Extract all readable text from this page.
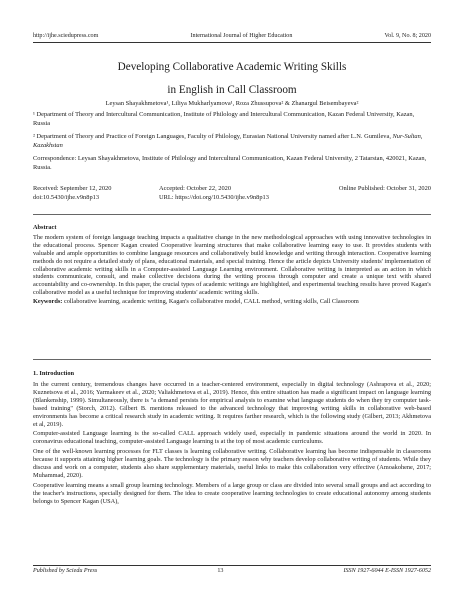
http://ijhe.sciedupress.com	International Journal of Higher Education	Vol. 9, No. 8; 2020
Developing Collaborative Academic Writing Skills
in English in Call Classroom
Leysan Shayakhmetova¹, Liliya Mukharlyamova¹, Roza Zhussupova² & Zhanargul Beisembayeva²
¹ Department of Theory and Intercultural Communication, Institute of Philology and Intercultural Communication, Kazan Federal University, Kazan, Russia
² Department of Theory and Practice of Foreign Languages, Faculty of Philology, Eurasian National University named after L.N. Gumileva, Nur-Sultan, Kazakhstan
Correspondence: Leysan Shayakhmetova, Institute of Philology and Intercultural Communication, Kazan Federal University, 2 Tatarstan, 420021, Kazan, Russia.
Received: September 12, 2020	Accepted: October 22, 2020	Online Published: October 31, 2020
doi:10.5430/ijhe.v9n8p13	URL: https://doi.org/10.5430/ijhe.v9n8p13
Abstract
The modern system of foreign language teaching impacts a qualitative change in the new methodological approaches with using innovative technologies in the educational process. Spencer Kagan created Cooperative learning structures that make collaborative learning easy to use. It provides students with valuable and ample opportunities to combine language resources and collaboratively build knowledge and writing through interaction. Cooperative learning methods do not require a detailed study of plans, educational materials, and special training. Hence the article depicts University students' implementation of collaborative academic writing skills in a Computer-assisted Language Learning environment. Collaborative writing is interpreted as an action in which students communicate, consult, and make collective decisions during the writing process through computer and create a unique text with shared accountability and co-ownership. In this paper, the crucial types of academic writings are highlighted, and experimental teaching results have proved Kagan's collaborative model as a useful technique for improving students' academic writing skills.
Keywords: collaborative learning, academic writing, Kagan's collaborative model, CALL method, writing skills, Call Classroom
1. Introduction

In the current century, tremendous changes have occurred in a teacher-centered environment, especially in digital technology (Ashrapova et al., 2020; Kuznetsova et al., 2016; Yarmakeev et al., 2020; Valiakhmetova et al., 2019). Hence, this entire situation has made a significant impact on language learning (Blankenship, 1999). Simultaneously, there is "a demand persists for empirical analysis to examine what language students do when they try computer task-based training" (Storch, 2012). Gilbert B. mentions released to the advanced technology that improving writing skills in collaborative web-based environments has become a critical research study in academic writing. It requires farther research, which is the following study (Gilbert, 2013; Akhmetova et al, 2019).

Computer-assisted Language learning is the so-called CALL approach widely used, especially in pandemic situations around the world in 2020. In coronavirus educational teaching, computer-assisted Language learning is at the top of most academic curriculums.

One of the well-known learning processes for FLT classes is learning collaborative writing. Collaborative learning has become indispensable in classrooms because it supports attaining higher learning goals. The technology is the primary reason why teachers develop collaborative writing of students. While they discuss and work on a computer, students also share supplementary materials, useful links to make this collaboration very effective (Amoakohene, 2017; Muhammad, 2020).

Cooperative learning means a small group learning technology. Members of a large group or class are divided into several small groups and act according to the teacher's instructions, specially designed for them. The idea to create cooperative learning technologies to create educational autonomy among students belongs to Spencer Kagan (USA),

Published by Sciedu Press	13	ISSN 1927-6044 E-ISSN 1927-6052
